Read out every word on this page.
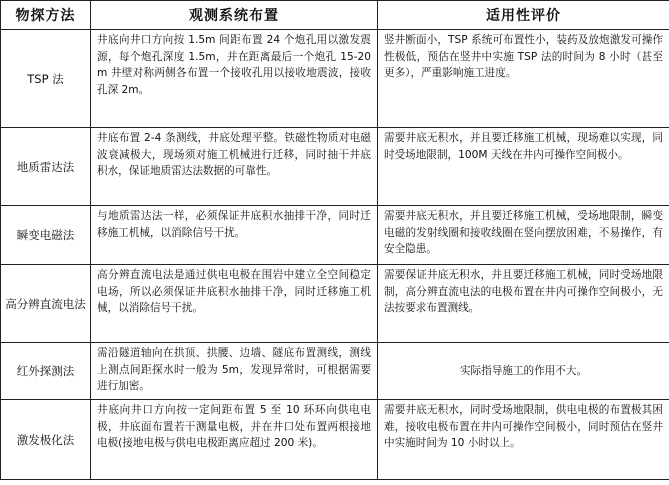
物探方法	观测系统布置	适用性评价
TSP 法	井底向井口方向按 1.5m 间距布置 24 个炮孔用以激发震源，每个炮孔深度 1.5m，并在距离最后一个炮孔 15-20m 井壁对称两侧各布置一个接收孔用以接收地震波，接收孔深 2m。	竖井断面小，TSP 系统可布置性小，装药及放炮激发可操作性极低，预估在竖井中实施 TSP 法的时间为 8 小时（甚至更多），严重影响施工进度。
地质雷达法	井底布置 2-4 条测线，井底处理平整。铁磁性物质对电磁波衰减极大，现场须对施工机械进行迁移，同时抽干井底积水，保证地质雷达法数据的可靠性。	需要井底无积水，并且要迁移施工机械，现场难以实现，同时受场地限制，100M 天线在井内可操作空间极小。
瞬变电磁法	与地质雷达法一样，必须保证井底积水抽排干净，同时迁移施工机械，以消除信号干扰。	需要井底无积水，并且要迁移施工机械，受场地限制，瞬变电磁的发射线圈和接收线圈在竖向摆放困难，不易操作，有安全隐患。
高分辨直流电法	高分辨直流电法是通过供电电极在围岩中建立全空间稳定电场，所以必须保证井底积水抽排干净，同时迁移施工机械，以消除信号干扰。	需要保证井底无积水，并且要迁移施工机械，同时受场地限制，高分辨直流电法的电极布置在井内可操作空间极小，无法按要求布置测线。
红外探测法	需沿隧道轴向在拱顶、拱腰、边墙、隧底布置测线，测线上测点间距探水时一般为 5m，发现异常时，可根据需要进行加密。	实际指导施工的作用不大。
激发极化法	井底向井口方向按一定间距布置 5 至 10 环环向供电电极，井底面布置若干测量电极，并在井口处布置两根接地电极(接地电极与供电电极距离应超过 200 米)。	需要井底无积水，同时受场地限制，供电电极的布置极其困难，接收电极布置在井内可操作空间极小，同时预估在竖井中实施时间为 10 小时以上。
